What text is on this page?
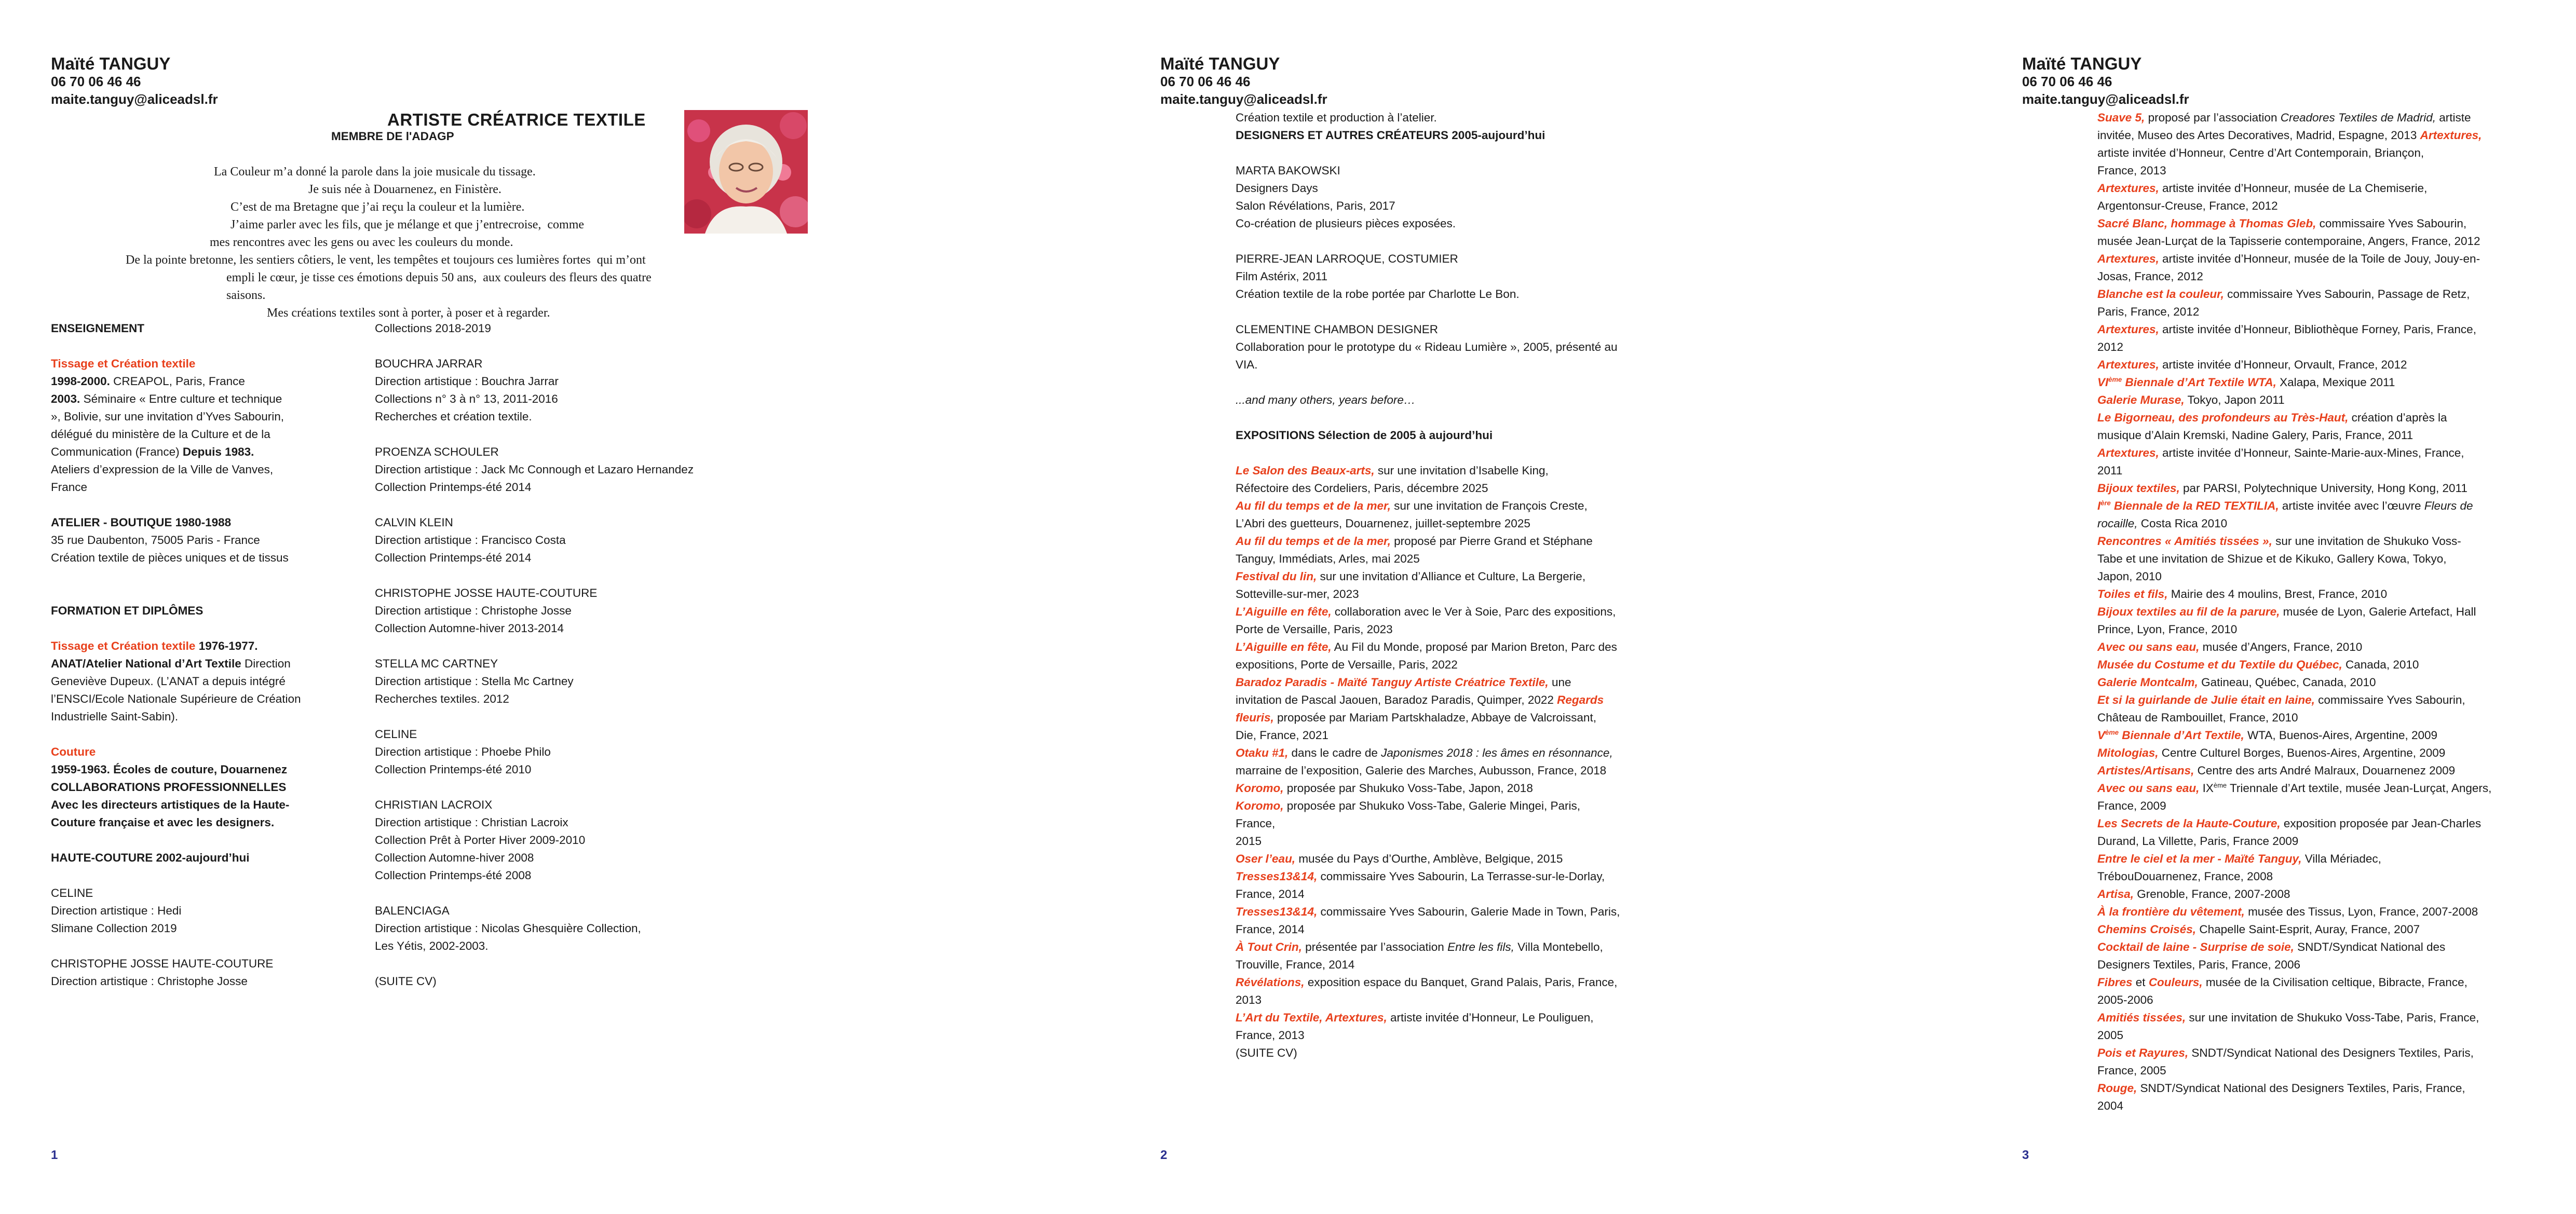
Maïté TANGUY
06 70 06 46 46
maite.tanguy@aliceadsl.fr
ARTISTE CRÉATRICE TEXTILE
MEMBRE DE l'ADAGP
La Couleur m’a donné la parole dans la joie musicale du tissage.
Je suis née à Douarnenez, en Finistère.
C’est de ma Bretagne que j’ai reçu la couleur et la lumière.
J’aime parler avec les fils, que je mélange et que j’entrecroise,  comme
mes rencontres avec les gens ou avec les couleurs du monde.
De la pointe bretonne, les sentiers côtiers, le vent, les tempêtes et toujours ces lumières fortes  qui m’ont
empli le cœur, je tisse ces émotions depuis 50 ans,  aux couleurs des fleurs des quatre
saisons.
Mes créations textiles sont à porter, à poser et à regarder.
ENSEIGNEMENT
Tissage et Création textile
1998-2000. CREAPOL, Paris, France
2003. Séminaire « Entre culture et technique
», Bolivie, sur une invitation d’Yves Sabourin,
délégué du ministère de la Culture et de la
Communication (France) Depuis 1983.
Ateliers d’expression de la Ville de Vanves,
France
ATELIER - BOUTIQUE 1980-1988
35 rue Daubenton, 75005 Paris - France
Création textile de pièces uniques et de tissus
FORMATION ET DIPLÔMES
Tissage et Création textile 1976-1977.
ANAT/Atelier National d’Art Textile Direction
Geneviève Dupeux. (L’ANAT a depuis intégré
l’ENSCI/Ecole Nationale Supérieure de Création
Industrielle Saint-Sabin).
Couture
1959-1963. Écoles de couture, Douarnenez
COLLABORATIONS PROFESSIONNELLES
Avec les directeurs artistiques de la Haute-
Couture française et avec les designers.
HAUTE-COUTURE 2002-aujourd’hui
CELINE
Direction artistique : Hedi
Slimane Collection 2019
CHRISTOPHE JOSSE HAUTE-COUTURE
Direction artistique : Christophe Josse
Collections 2018-2019
BOUCHRA JARRAR
Direction artistique : Bouchra Jarrar
Collections n° 3 à n° 13, 2011-2016
Recherches et création textile.
PROENZA SCHOULER
Direction artistique : Jack Mc Connough et Lazaro Hernandez
Collection Printemps-été 2014
CALVIN KLEIN
Direction artistique : Francisco Costa
Collection Printemps-été 2014
CHRISTOPHE JOSSE HAUTE-COUTURE
Direction artistique : Christophe Josse
Collection Automne-hiver 2013-2014
STELLA MC CARTNEY
Direction artistique : Stella Mc Cartney
Recherches textiles. 2012
CELINE
Direction artistique : Phoebe Philo
Collection Printemps-été 2010
CHRISTIAN LACROIX
Direction artistique : Christian Lacroix
Collection Prêt à Porter Hiver 2009-2010
Collection Automne-hiver 2008
Collection Printemps-été 2008
BALENCIAGA
Direction artistique : Nicolas Ghesquière Collection,
Les Yétis, 2002-2003.
(SUITE CV)
1
Maïté TANGUY
06 70 06 46 46
maite.tanguy@aliceadsl.fr
Création textile et production à l’atelier.
DESIGNERS ET AUTRES CRÉATEURS 2005-aujourd’hui
MARTA BAKOWSKI
Designers Days
Salon Révélations, Paris, 2017
Co-création de plusieurs pièces exposées.
PIERRE-JEAN LARROQUE, COSTUMIER
Film Astérix, 2011
Création textile de la robe portée par Charlotte Le Bon.
CLEMENTINE CHAMBON DESIGNER
Collaboration pour le prototype du « Rideau Lumière », 2005, présenté au
VIA.
...and many others, years before…
EXPOSITIONS Sélection de 2005 à aujourd’hui
Le Salon des Beaux-arts, sur une invitation d’Isabelle King,
Réfectoire des Cordeliers, Paris, décembre 2025
Au fil du temps et de la mer, sur une invitation de François Creste,
L’Abri des guetteurs, Douarnenez, juillet-septembre 2025
Au fil du temps et de la mer, proposé par Pierre Grand et Stéphane
Tanguy, Immédiats, Arles, mai 2025
Festival du lin, sur une invitation d’Alliance et Culture, La Bergerie,
Sotteville-sur-mer, 2023
L’Aiguille en fête, collaboration avec le Ver à Soie, Parc des expositions,
Porte de Versaille, Paris, 2023
L’Aiguille en fête, Au Fil du Monde, proposé par Marion Breton, Parc des
expositions, Porte de Versaille, Paris, 2022
Baradoz Paradis - Maïté Tanguy Artiste Créatrice Textile, une
invitation de Pascal Jaouen, Baradoz Paradis, Quimper, 2022 Regards
fleuris, proposée par Mariam Partskhaladze, Abbaye de Valcroissant,
Die, France, 2021
Otaku #1, dans le cadre de Japonismes 2018 : les âmes en résonnance,
marraine de l’exposition, Galerie des Marches, Aubusson, France, 2018
Koromo, proposée par Shukuko Voss-Tabe, Japon, 2018
Koromo, proposée par Shukuko Voss-Tabe, Galerie Mingei, Paris,
France,
2015
Oser l’eau, musée du Pays d’Ourthe, Amblève, Belgique, 2015
Tresses13&14, commissaire Yves Sabourin, La Terrasse-sur-le-Dorlay,
France, 2014
Tresses13&14, commissaire Yves Sabourin, Galerie Made in Town, Paris,
France, 2014
À Tout Crin, présentée par l’association Entre les fils, Villa Montebello,
Trouville, France, 2014
Révélations, exposition espace du Banquet, Grand Palais, Paris, France,
2013
L’Art du Textile, Artextures, artiste invitée d’Honneur, Le Pouliguen,
France, 2013
(SUITE CV)
2
Maïté TANGUY
06 70 06 46 46
maite.tanguy@aliceadsl.fr
Suave 5, proposé par l’association Creadores Textiles de Madrid, artiste
invitée, Museo des Artes Decoratives, Madrid, Espagne, 2013 Artextures,
artiste invitée d’Honneur, Centre d’Art Contemporain, Briançon,
France, 2013
Artextures, artiste invitée d’Honneur, musée de La Chemiserie,
Argentonsur-Creuse, France, 2012
Sacré Blanc, hommage à Thomas Gleb, commissaire Yves Sabourin,
musée Jean-Lurçat de la Tapisserie contemporaine, Angers, France, 2012
Artextures, artiste invitée d’Honneur, musée de la Toile de Jouy, Jouy-en-
Josas, France, 2012
Blanche est la couleur, commissaire Yves Sabourin, Passage de Retz,
Paris, France, 2012
Artextures, artiste invitée d’Honneur, Bibliothèque Forney, Paris, France,
2012
Artextures, artiste invitée d’Honneur, Orvault, France, 2012
VIème Biennale d’Art Textile WTA, Xalapa, Mexique 2011
Galerie Murase, Tokyo, Japon 2011
Le Bigorneau, des profondeurs au Très-Haut, création d’après la
musique d’Alain Kremski, Nadine Galery, Paris, France, 2011
Artextures, artiste invitée d’Honneur, Sainte-Marie-aux-Mines, France,
2011
Bijoux textiles, par PARSI, Polytechnique University, Hong Kong, 2011
Ière Biennale de la RED TEXTILIA, artiste invitée avec l’œuvre Fleurs de
rocaille, Costa Rica 2010
Rencontres « Amitiés tissées », sur une invitation de Shukuko Voss-
Tabe et une invitation de Shizue et de Kikuko, Gallery Kowa, Tokyo,
Japon, 2010
Toiles et fils, Mairie des 4 moulins, Brest, France, 2010
Bijoux textiles au fil de la parure, musée de Lyon, Galerie Artefact, Hall
Prince, Lyon, France, 2010
Avec ou sans eau, musée d’Angers, France, 2010
Musée du Costume et du Textile du Québec, Canada, 2010
Galerie Montcalm, Gatineau, Québec, Canada, 2010
Et si la guirlande de Julie était en laine, commissaire Yves Sabourin,
Château de Rambouillet, France, 2010
Vème Biennale d’Art Textile, WTA, Buenos-Aires, Argentine, 2009
Mitologias, Centre Culturel Borges, Buenos-Aires, Argentine, 2009
Artistes/Artisans, Centre des arts André Malraux, Douarnenez 2009
Avec ou sans eau, IXème Triennale d’Art textile, musée Jean-Lurçat, Angers,
France, 2009
Les Secrets de la Haute-Couture, exposition proposée par Jean-Charles
Durand, La Villette, Paris, France 2009
Entre le ciel et la mer - Maïté Tanguy, Villa Mériadec,
TrébouDouarnenez, France, 2008
Artisa, Grenoble, France, 2007-2008
À la frontière du vêtement, musée des Tissus, Lyon, France, 2007-2008
Chemins Croisés, Chapelle Saint-Esprit, Auray, France, 2007
Cocktail de laine - Surprise de soie, SNDT/Syndicat National des
Designers Textiles, Paris, France, 2006
Fibres et Couleurs, musée de la Civilisation celtique, Bibracte, France,
2005-2006
Amitiés tissées, sur une invitation de Shukuko Voss-Tabe, Paris, France,
2005
Pois et Rayures, SNDT/Syndicat National des Designers Textiles, Paris,
France, 2005
Rouge, SNDT/Syndicat National des Designers Textiles, Paris, France,
2004
3
